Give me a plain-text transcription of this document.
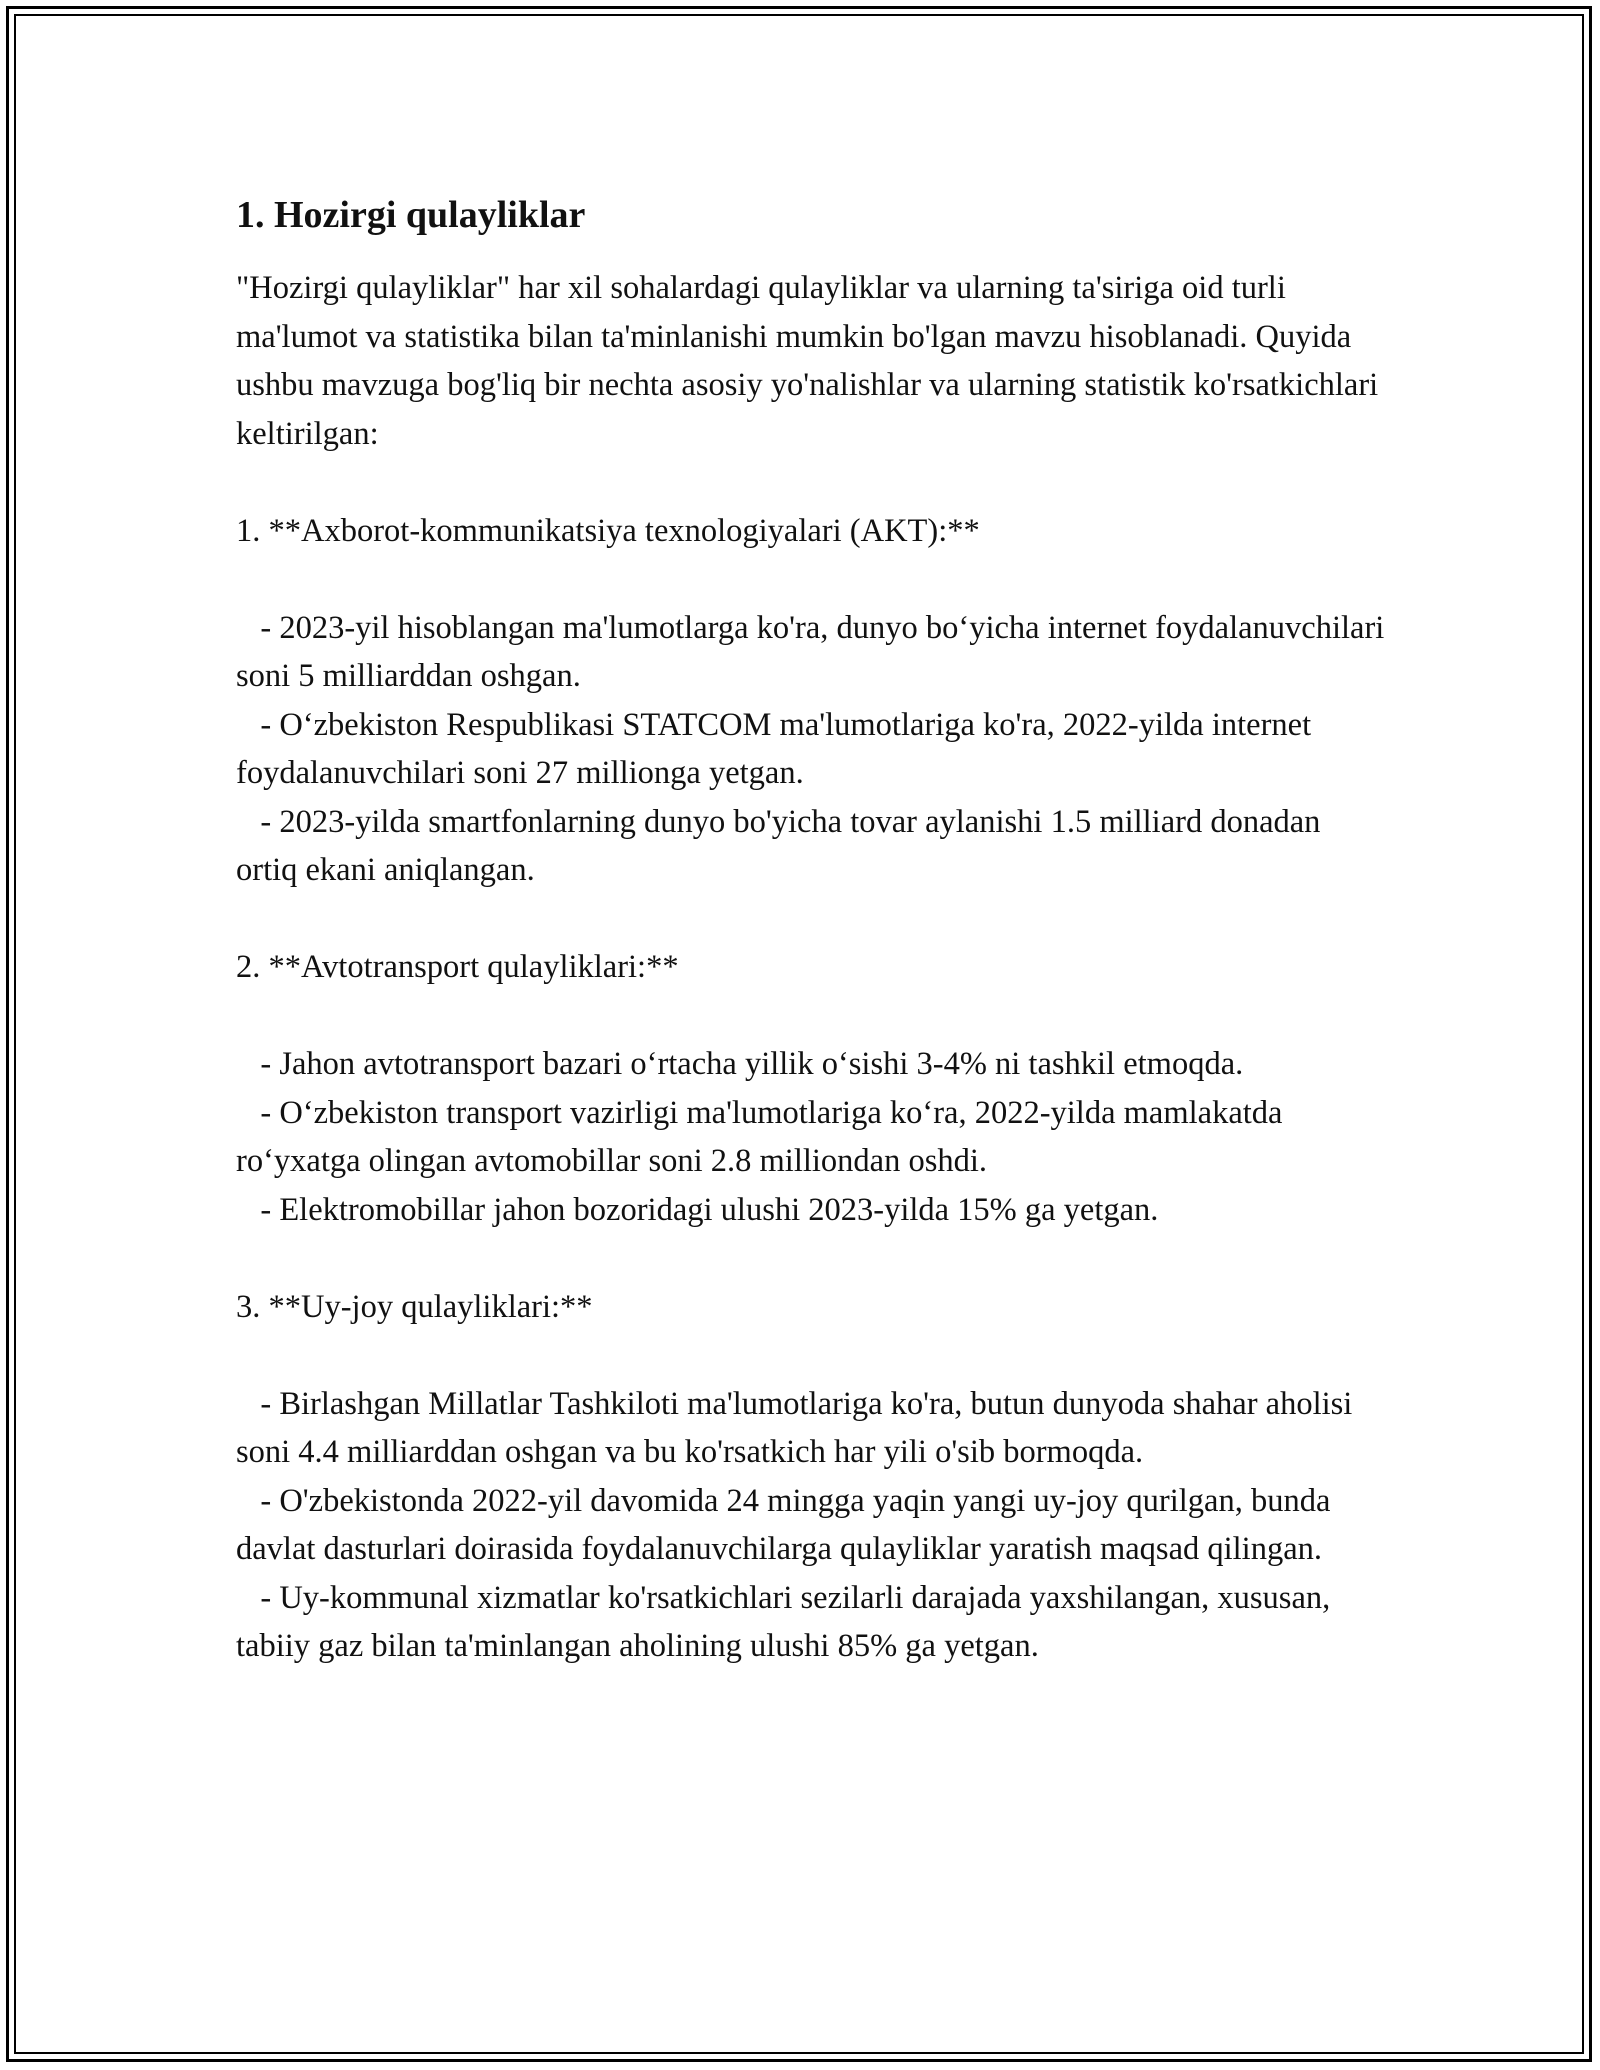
1. Hozirgi qulayliklar

"Hozirgi qulayliklar" har xil sohalardagi qulayliklar va ularning ta'siriga oid turli ma'lumot va statistika bilan ta'minlanishi mumkin bo'lgan mavzu hisoblanadi. Quyida ushbu mavzuga bog'liq bir nechta asosiy yo'nalishlar va ularning statistik ko'rsatkichlari keltirilgan:

1. **Axborot-kommunikatsiya texnologiyalari (AKT):**

- 2023-yil hisoblangan ma'lumotlarga ko'ra, dunyo bo‘yicha internet foydalanuvchilari soni 5 milliarddan oshgan.

- O‘zbekiston Respublikasi STATCOM ma'lumotlariga ko'ra, 2022-yilda internet foydalanuvchilari soni 27 millionga yetgan.

- 2023-yilda smartfonlarning dunyo bo'yicha tovar aylanishi 1.5 milliard donadan ortiq ekani aniqlangan.

2. **Avtotransport qulayliklari:**

- Jahon avtotransport bazari o‘rtacha yillik o‘sishi 3-4% ni tashkil etmoqda.

- O‘zbekiston transport vazirligi ma'lumotlariga ko‘ra, 2022-yilda mamlakatda ro‘yxatga olingan avtomobillar soni 2.8 milliondan oshdi.

- Elektromobillar jahon bozoridagi ulushi 2023-yilda 15% ga yetgan.

3. **Uy-joy qulayliklari:**

- Birlashgan Millatlar Tashkiloti ma'lumotlariga ko'ra, butun dunyoda shahar aholisi soni 4.4 milliarddan oshgan va bu ko'rsatkich har yili o'sib bormoqda.

- O'zbekistonda 2022-yil davomida 24 mingga yaqin yangi uy-joy qurilgan, bunda davlat dasturlari doirasida foydalanuvchilarga qulayliklar yaratish maqsad qilingan.

- Uy-kommunal xizmatlar ko'rsatkichlari sezilarli darajada yaxshilangan, xususan, tabiiy gaz bilan ta'minlangan aholining ulushi 85% ga yetgan.
